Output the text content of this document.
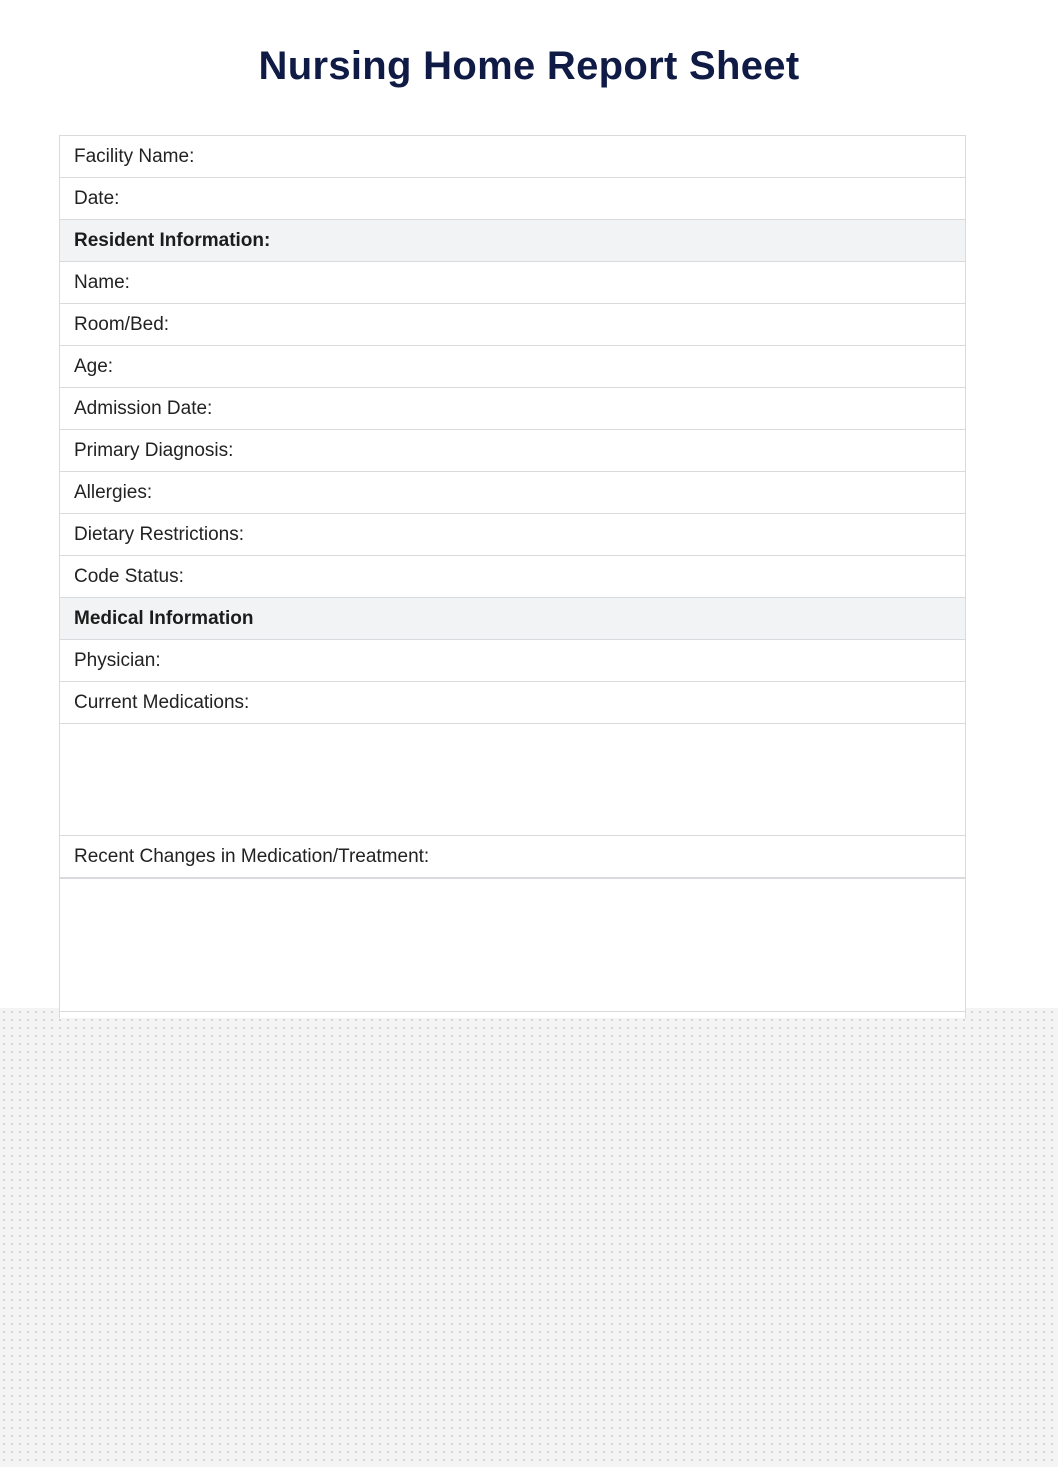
Nursing Home Report Sheet
Facility Name:
Date:
Resident Information:
Name:
Room/Bed:
Age:
Admission Date:
Primary Diagnosis:
Allergies:
Dietary Restrictions:
Code Status:
Medical Information
Physician:
Current Medications:
Recent Changes in Medication/Treatment:
